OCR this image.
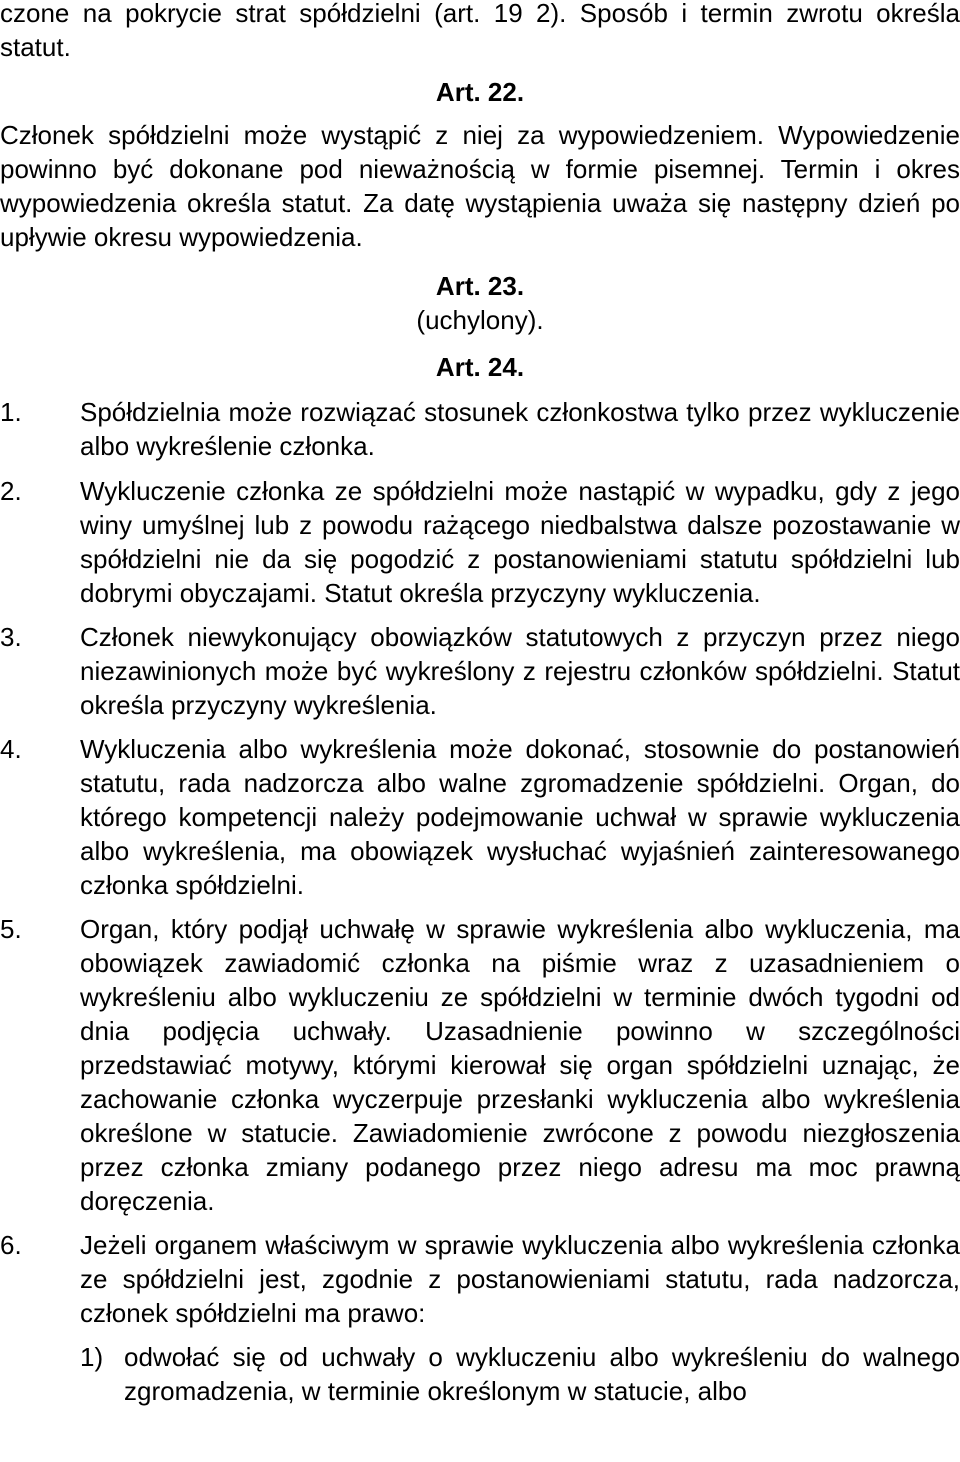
czone na pokrycie strat spółdzielni (art. 19 2). Sposób i termin zwrotu określa statut.

Art. 22.

Członek spółdzielni może wystąpić z niej za wypowiedzeniem. Wypowiedzenie powinno być dokonane pod nieważnością w formie pisemnej. Termin i okres wypowiedzenia określa statut. Za datę wystąpienia uważa się następny dzień po upływie okresu wypowiedzenia.

Art. 23.

(uchylony).

Art. 24.

1.	Spółdzielnia może rozwiązać stosunek członkostwa tylko przez wykluczenie albo wykreślenie członka.
2.	Wykluczenie członka ze spółdzielni może nastąpić w wypadku, gdy z jego winy umyślnej lub z powodu rażącego niedbalstwa dalsze pozostawanie w spółdzielni nie da się pogodzić z postanowieniami statutu spółdzielni lub dobrymi obyczajami. Statut określa przyczyny wykluczenia.
3.	Członek niewykonujący obowiązków statutowych z przyczyn przez niego niezawinionych może być wykreślony z rejestru członków spółdzielni. Statut określa przyczyny wykreślenia.
4.	Wykluczenia albo wykreślenia może dokonać, stosownie do postanowień statutu, rada nadzorcza albo walne zgromadzenie spółdzielni. Organ, do którego kompetencji należy podejmowanie uchwał w sprawie wykluczenia albo wykreślenia, ma obowiązek wysłuchać wyjaśnień zainteresowanego członka spółdzielni.
5.	Organ, który podjął uchwałę w sprawie wykreślenia albo wykluczenia, ma obowiązek zawiadomić członka na piśmie wraz z uzasadnieniem o wykreśleniu albo wykluczeniu ze spółdzielni w terminie dwóch tygodni od dnia podjęcia uchwały. Uzasadnienie powinno w szczególności przedstawiać motywy, którymi kierował się organ spółdzielni uznając, że zachowanie członka wyczerpuje przesłanki wykluczenia albo wykreślenia określone w statucie. Zawiadomienie zwrócone z powodu niezgłoszenia przez członka zmiany podanego przez niego adresu ma moc prawną doręczenia.
6.	Jeżeli organem właściwym w sprawie wykluczenia albo wykreślenia członka ze spółdzielni jest, zgodnie z postanowieniami statutu, rada nadzorcza, członek spółdzielni ma prawo:
1) odwołać się od uchwały o wykluczeniu albo wykreśleniu do walnego zgromadzenia, w terminie określonym w statucie, albo
